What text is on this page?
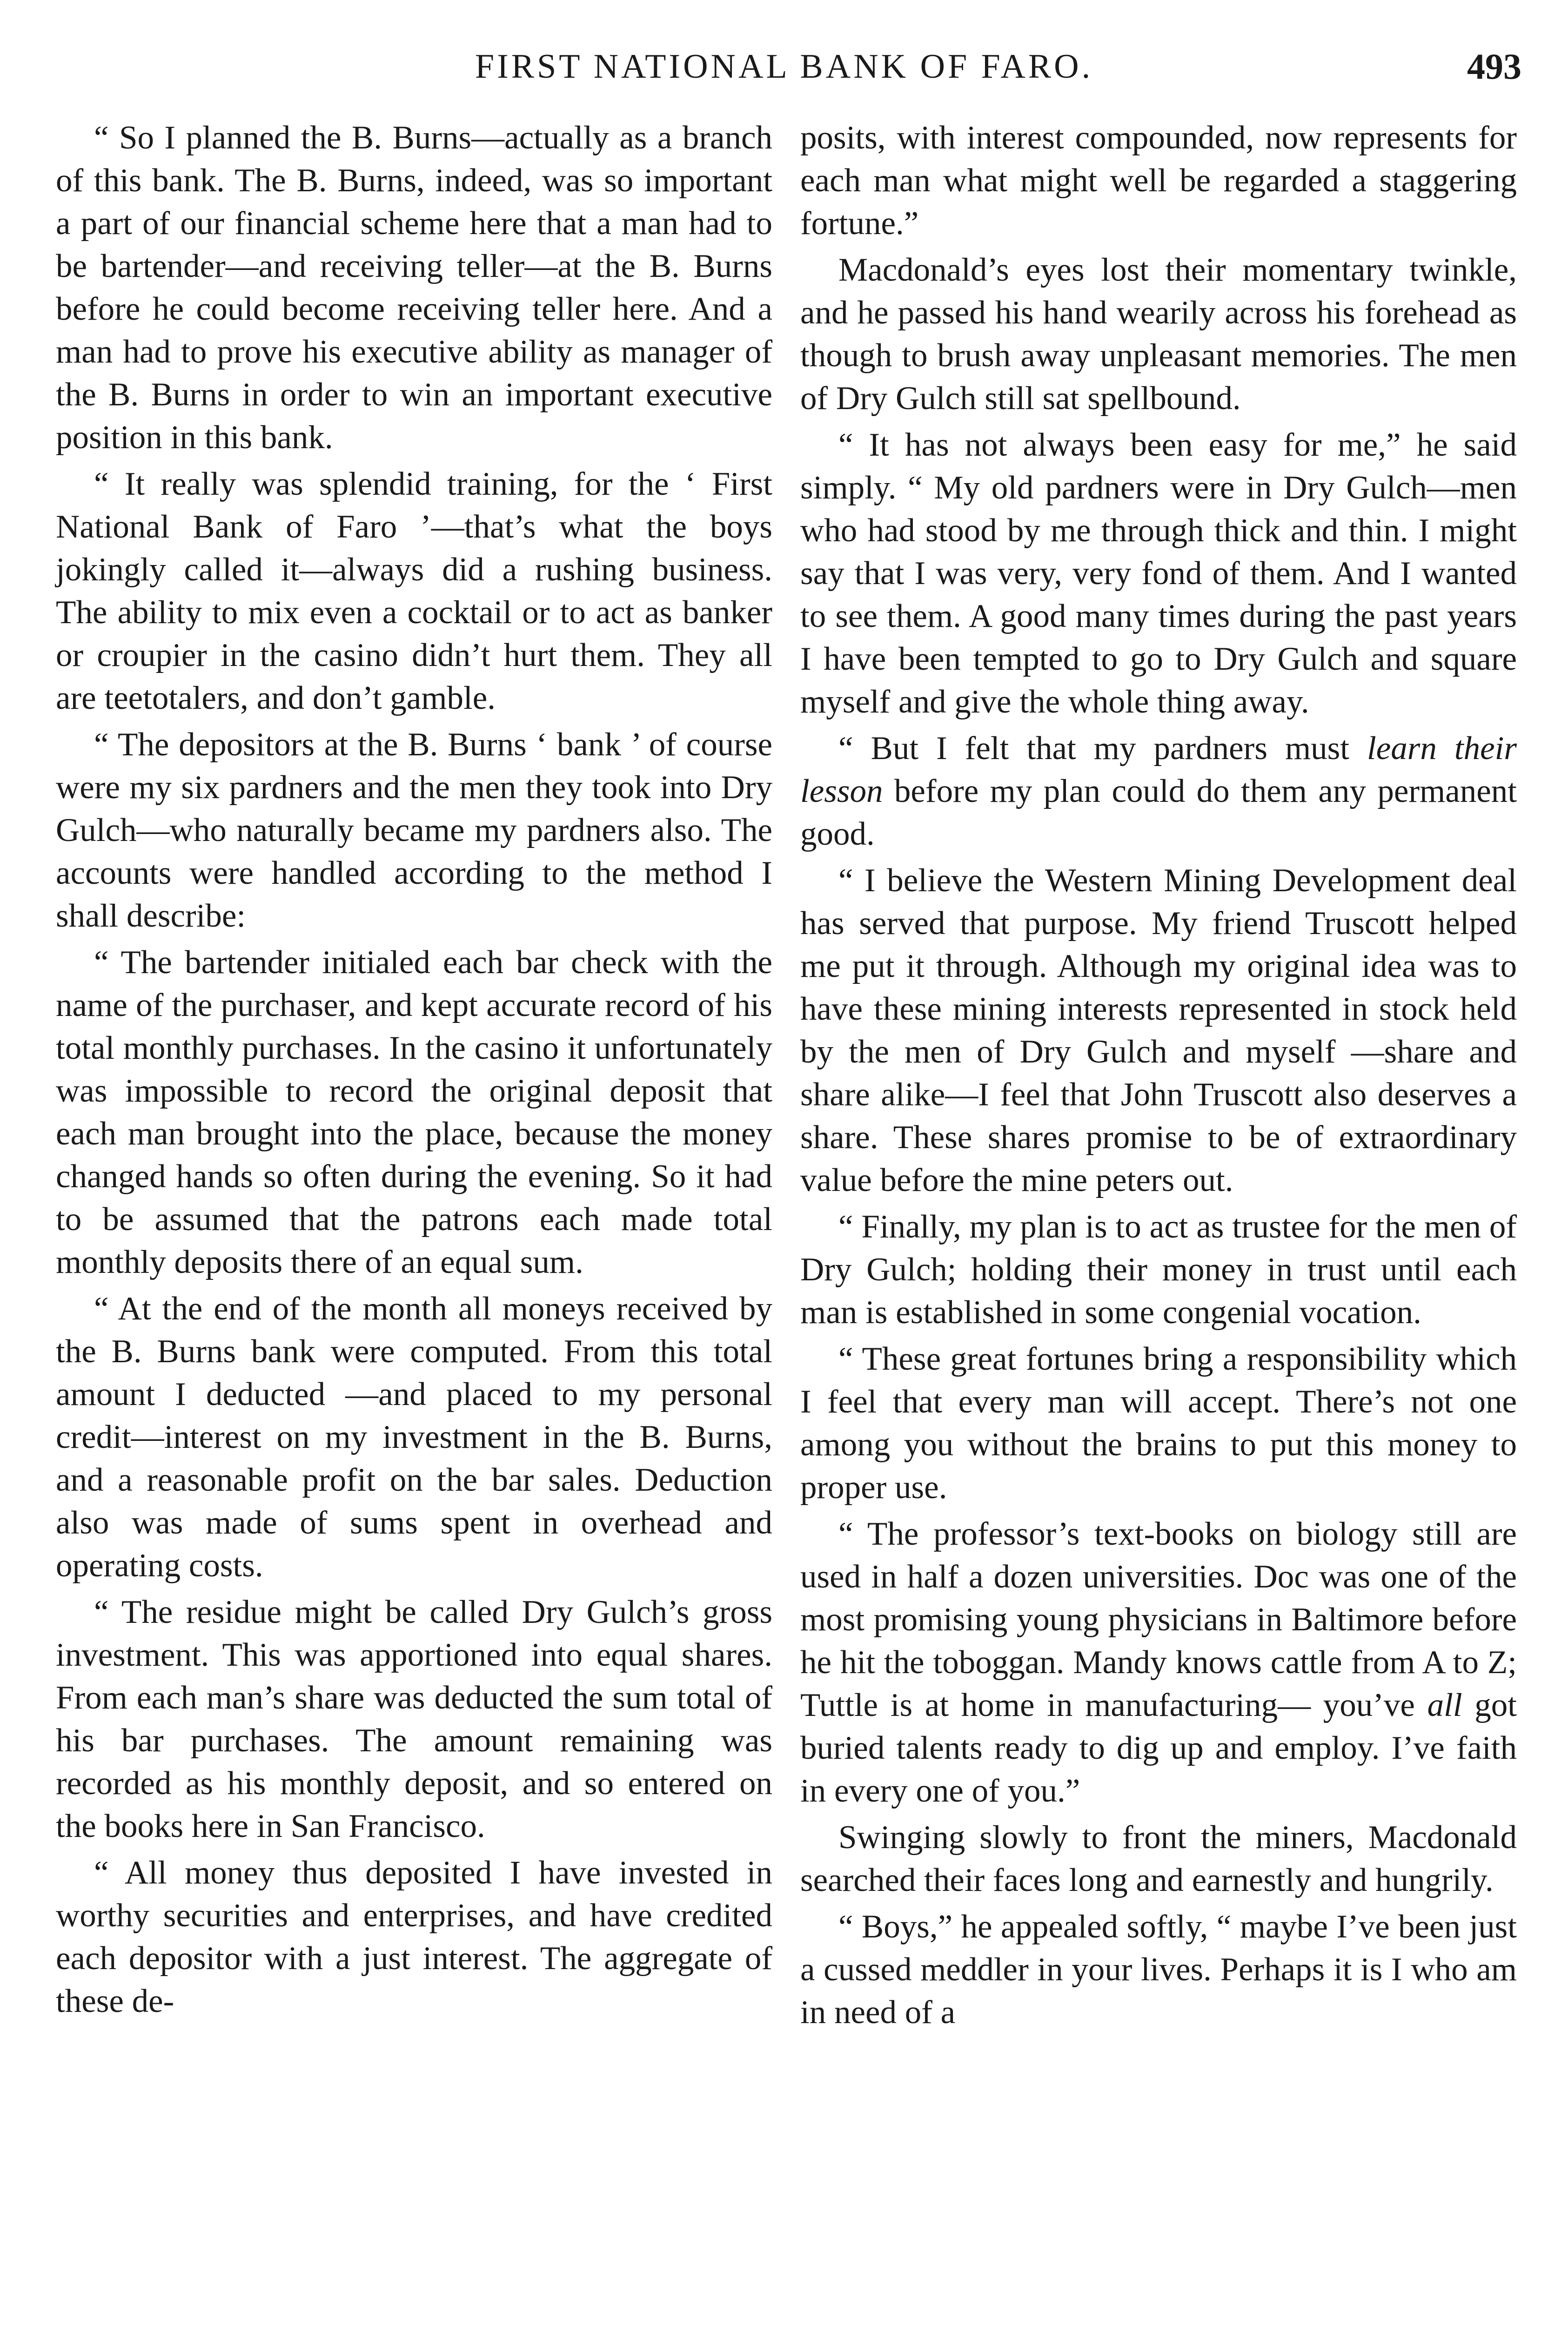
FIRST NATIONAL BANK OF FARO.	493

“ So I planned the B. Burns—actually as a branch of this bank. The B. Burns, indeed, was so important a part of our financial scheme here that a man had to be bartender—and receiving teller—at the B. Burns before he could become receiving teller here. And a man had to prove his executive ability as manager of the B. Burns in order to win an important executive position in this bank.

“ It really was splendid training, for the ‘ First National Bank of Faro ’—that’s what the boys jokingly called it—always did a rushing business. The ability to mix even a cocktail or to act as banker or croupier in the casino didn’t hurt them. They all are teetotalers, and don’t gamble.

“ The depositors at the B. Burns ‘ bank ’ of course were my six pardners and the men they took into Dry Gulch—who naturally became my pardners also. The accounts were handled according to the method I shall describe:

“ The bartender initialed each bar check with the name of the purchaser, and kept accurate record of his total monthly purchases. In the casino it unfortunately was impossible to record the original deposit that each man brought into the place, because the money changed hands so often during the evening. So it had to be assumed that the patrons each made total monthly deposits there of an equal sum.

“ At the end of the month all moneys received by the B. Burns bank were computed. From this total amount I deducted —and placed to my personal credit—interest on my investment in the B. Burns, and a reasonable profit on the bar sales. Deduction also was made of sums spent in overhead and operating costs.

“ The residue might be called Dry Gulch’s gross investment. This was apportioned into equal shares. From each man’s share was deducted the sum total of his bar purchases. The amount remaining was recorded as his monthly deposit, and so entered on the books here in San Francisco.

“ All money thus deposited I have invested in worthy securities and enterprises, and have credited each depositor with a just interest. The aggregate of these de-

posits, with interest compounded, now represents for each man what might well be regarded a staggering fortune.”

Macdonald’s eyes lost their momentary twinkle, and he passed his hand wearily across his forehead as though to brush away unpleasant memories. The men of Dry Gulch still sat spellbound.

“ It has not always been easy for me,” he said simply. “ My old pardners were in Dry Gulch—men who had stood by me through thick and thin. I might say that I was very, very fond of them. And I wanted to see them. A good many times during the past years I have been tempted to go to Dry Gulch and square myself and give the whole thing away.

“ But I felt that my pardners must learn their lesson before my plan could do them any permanent good.

“ I believe the Western Mining Development deal has served that purpose. My friend Truscott helped me put it through. Although my original idea was to have these mining interests represented in stock held by the men of Dry Gulch and myself —share and share alike—I feel that John Truscott also deserves a share. These shares promise to be of extraordinary value before the mine peters out.

“ Finally, my plan is to act as trustee for the men of Dry Gulch; holding their money in trust until each man is established in some congenial vocation.

“ These great fortunes bring a responsibility which I feel that every man will accept. There’s not one among you without the brains to put this money to proper use.

“ The professor’s text-books on biology still are used in half a dozen universities. Doc was one of the most promising young physicians in Baltimore before he hit the toboggan. Mandy knows cattle from A to Z; Tuttle is at home in manufacturing— you’ve all got buried talents ready to dig up and employ. I’ve faith in every one of you.”

Swinging slowly to front the miners, Macdonald searched their faces long and earnestly and hungrily.

“ Boys,” he appealed softly, “ maybe I’ve been just a cussed meddler in your lives. Perhaps it is I who am in need of a
